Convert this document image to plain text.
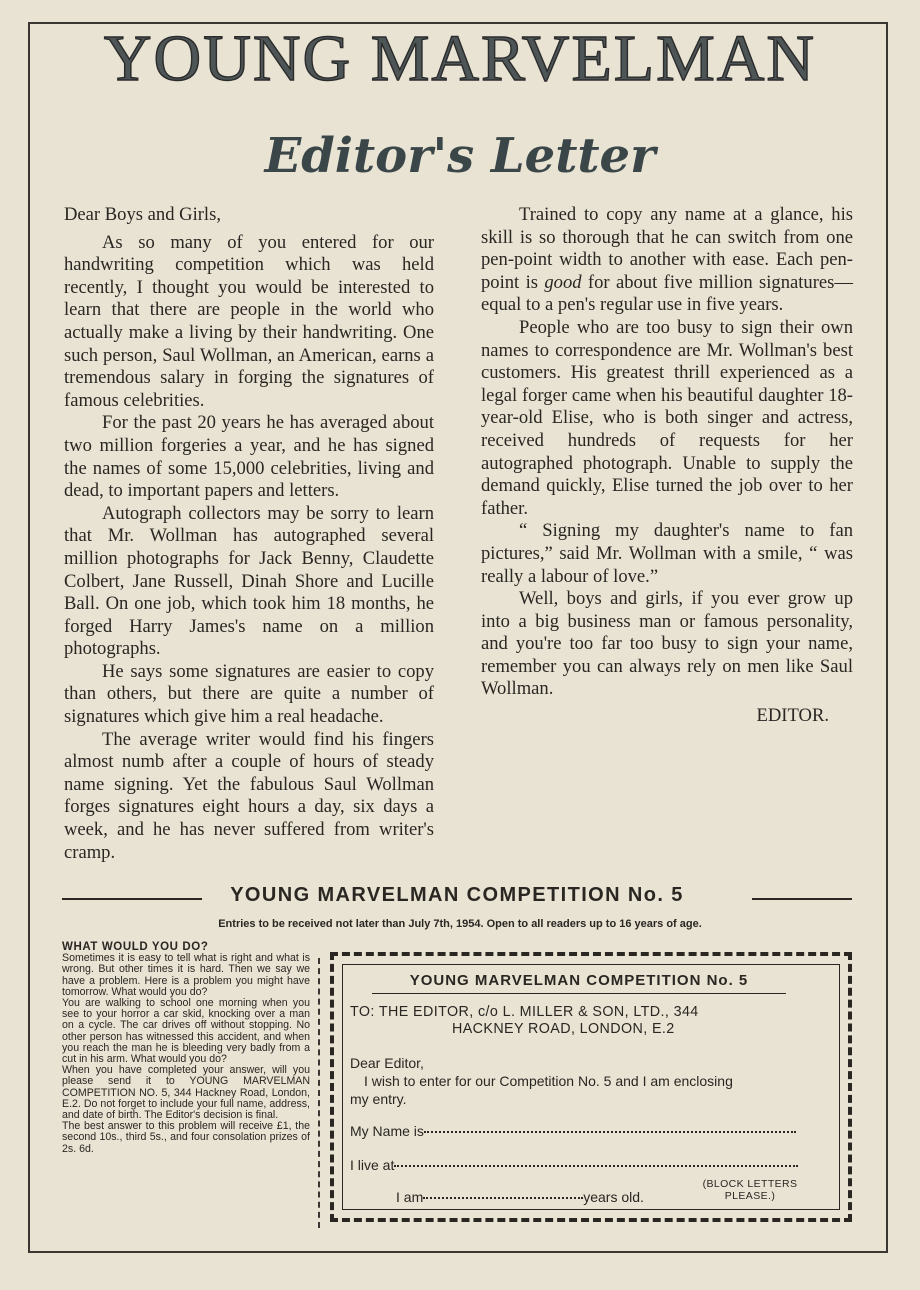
YOUNG MARVELMAN
Editor's Letter

Dear Boys and Girls,

As so many of you entered for our handwriting competition which was held recently, I thought you would be interested to learn that there are people in the world who actually make a living by their handwriting. One such person, Saul Wollman, an American, earns a tremendous salary in forging the signatures of famous celebrities.

For the past 20 years he has averaged about two million forgeries a year, and he has signed the names of some 15,000 celebrities, living and dead, to important papers and letters.

Autograph collectors may be sorry to learn that Mr. Wollman has autographed several million photographs for Jack Benny, Claudette Colbert, Jane Russell, Dinah Shore and Lucille Ball. On one job, which took him 18 months, he forged Harry James's name on a million photographs.

He says some signatures are easier to copy than others, but there are quite a number of signatures which give him a real headache.

The average writer would find his fingers almost numb after a couple of hours of steady name signing. Yet the fabulous Saul Wollman forges signatures eight hours a day, six days a week, and he has never suffered from writer's cramp.

Trained to copy any name at a glance, his skill is so thorough that he can switch from one pen-point width to another with ease. Each pen-point is good for about five million signatures— equal to a pen's regular use in five years.

People who are too busy to sign their own names to correspondence are Mr. Wollman's best customers. His greatest thrill experienced as a legal forger came when his beautiful daughter 18-year-old Elise, who is both singer and actress, received hundreds of requests for her autographed photograph. Unable to supply the demand quickly, Elise turned the job over to her father.

“ Signing my daughter's name to fan pictures,” said Mr. Wollman with a smile, “ was really a labour of love.”

Well, boys and girls, if you ever grow up into a big business man or famous personality, and you're too far too busy to sign your name, remember you can always rely on men like Saul Wollman.

EDITOR.

YOUNG MARVELMAN COMPETITION No. 5
Entries to be received not later than July 7th, 1954. Open to all readers up to 16 years of age.

WHAT WOULD YOU DO?

Sometimes it is easy to tell what is right and what is wrong. But other times it is hard. Then we say we have a problem. Here is a problem you might have tomorrow. What would you do?

You are walking to school one morning when you see to your horror a car skid, knocking over a man on a cycle. The car drives off without stopping. No other person has witnessed this accident, and when you reach the man he is bleeding very badly from a cut in his arm. What would you do?

When you have completed your answer, will you please send it to YOUNG MARVELMAN COMPETITION NO. 5, 344 Hackney Road, London, E.2. Do not forget to include your full name, address, and date of birth. The Editor's decision is final.

The best answer to this problem will receive £1, the second 10s., third 5s., and four consolation prizes of 2s. 6d.

YOUNG MARVELMAN COMPETITION No. 5
TO: THE EDITOR, c/o L. MILLER & SON, LTD., 344
HACKNEY ROAD, LONDON, E.2
Dear Editor,
I wish to enter for our Competition No. 5 and I am enclosing
my entry.
My Name is
I live at
I am	years old.
(BLOCK LETTERS PLEASE.)
